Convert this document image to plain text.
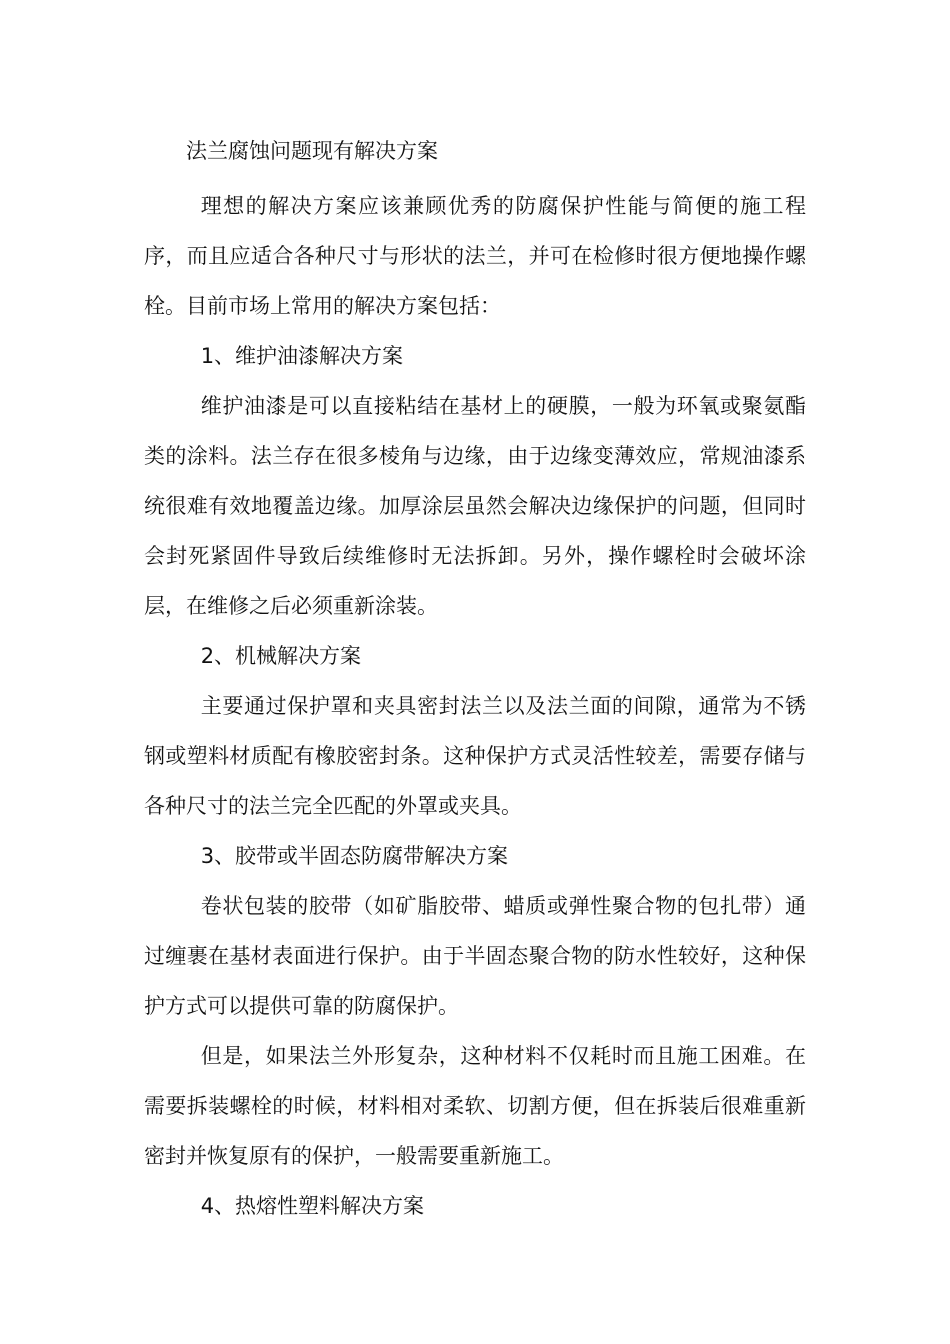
法兰腐蚀问题现有解决方案

理想的解决方案应该兼顾优秀的防腐保护性能与简便的施工程序，而且应适合各种尺寸与形状的法兰，并可在检修时很方便地操作螺栓。目前市场上常用的解决方案包括：

1、维护油漆解决方案

维护油漆是可以直接粘结在基材上的硬膜，一般为环氧或聚氨酯类的涂料。法兰存在很多棱角与边缘，由于边缘变薄效应，常规油漆系统很难有效地覆盖边缘。加厚涂层虽然会解决边缘保护的问题，但同时会封死紧固件导致后续维修时无法拆卸。另外，操作螺栓时会破坏涂层，在维修之后必须重新涂装。

2、机械解决方案

主要通过保护罩和夹具密封法兰以及法兰面的间隙，通常为不锈钢或塑料材质配有橡胶密封条。这种保护方式灵活性较差，需要存储与各种尺寸的法兰完全匹配的外罩或夹具。

3、胶带或半固态防腐带解决方案

卷状包装的胶带（如矿脂胶带、蜡质或弹性聚合物的包扎带）通过缠裹在基材表面进行保护。由于半固态聚合物的防水性较好，这种保护方式可以提供可靠的防腐保护。

但是，如果法兰外形复杂，这种材料不仅耗时而且施工困难。在需要拆装螺栓的时候，材料相对柔软、切割方便，但在拆装后很难重新密封并恢复原有的保护，一般需要重新施工。

4、热熔性塑料解决方案
